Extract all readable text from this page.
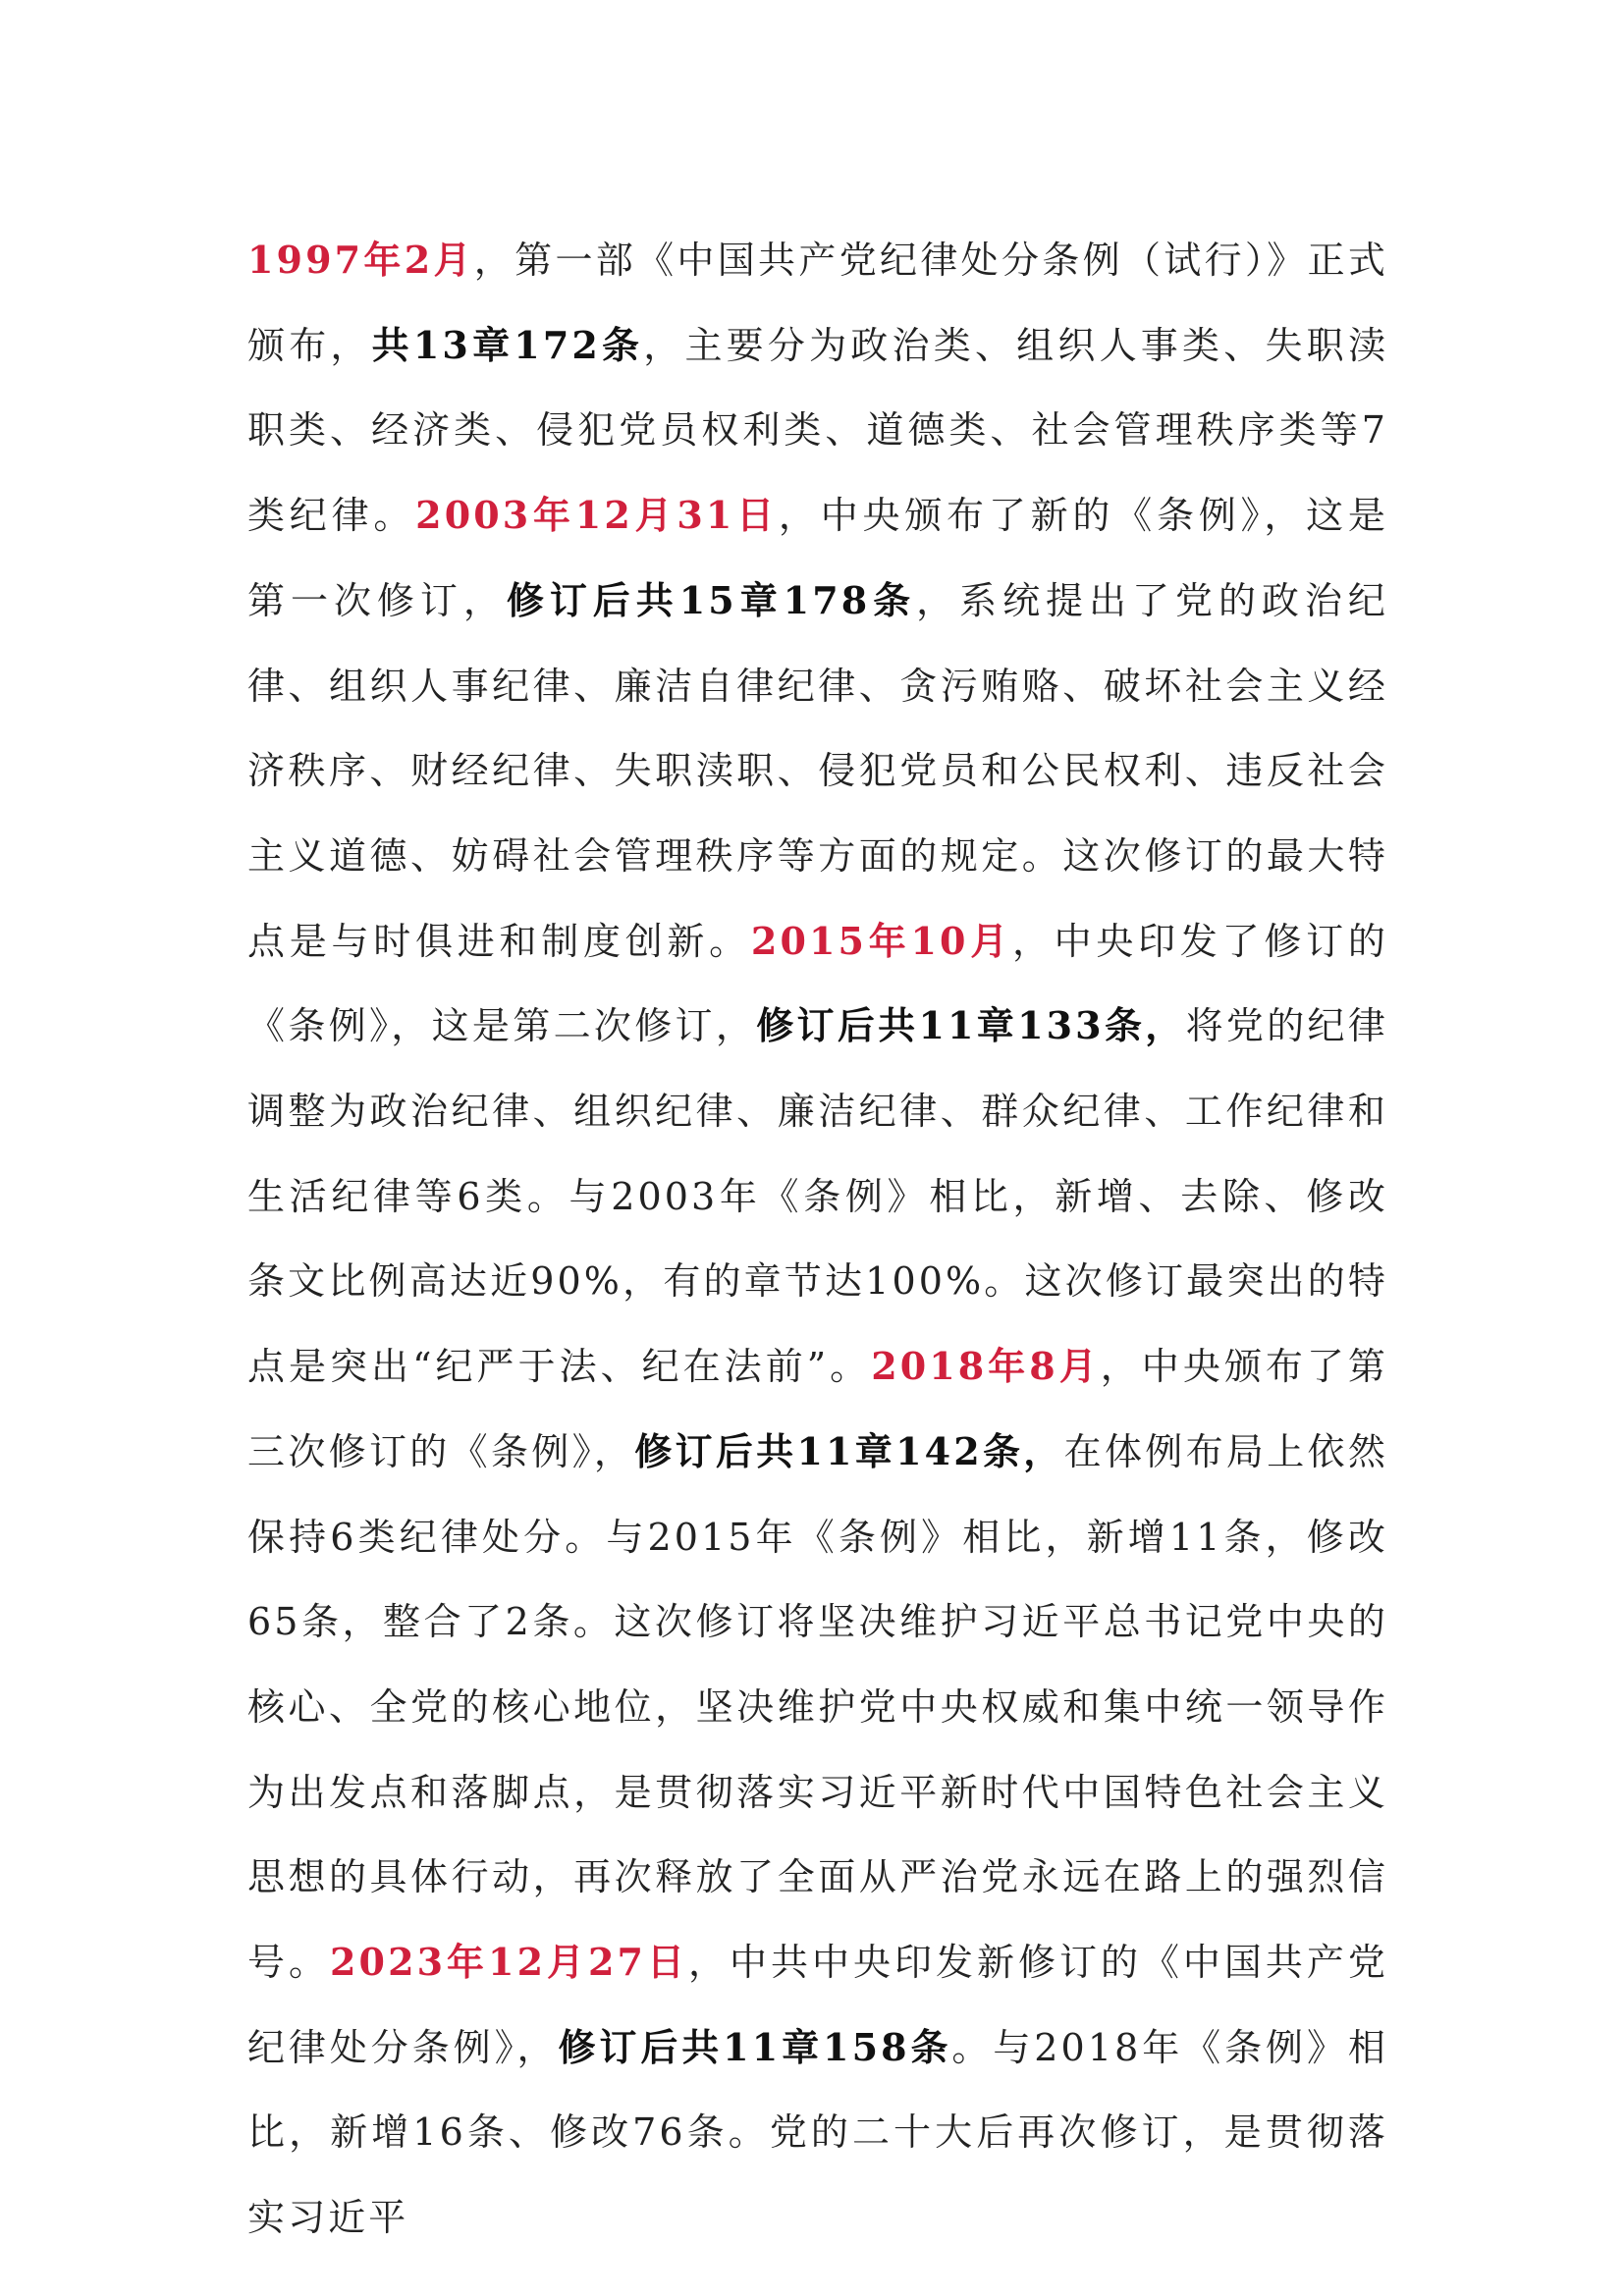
1997年2月，第一部《中国共产党纪律处分条例（试行）》正式颁布，共13章172条，主要分为政治类、组织人事类、失职渎职类、经济类、侵犯党员权利类、道德类、社会管理秩序类等7类纪律。2003年12月31日，中央颁布了新的《条例》，这是第一次修订，修订后共15章178条，系统提出了党的政治纪律、组织人事纪律、廉洁自律纪律、贪污贿赂、破坏社会主义经济秩序、财经纪律、失职渎职、侵犯党员和公民权利、违反社会主义道德、妨碍社会管理秩序等方面的规定。这次修订的最大特点是与时俱进和制度创新。2015年10月，中央印发了修订的《条例》，这是第二次修订，修订后共11章133条，将党的纪律调整为政治纪律、组织纪律、廉洁纪律、群众纪律、工作纪律和生活纪律等6类。与2003年《条例》相比，新增、去除、修改条文比例高达近90%，有的章节达100%。这次修订最突出的特点是突出“纪严于法、纪在法前”。2018年8月，中央颁布了第三次修订的《条例》，修订后共11章142条，在体例布局上依然保持6类纪律处分。与2015年《条例》相比，新增11条，修改65条，整合了2条。这次修订将坚决维护习近平总书记党中央的核心、全党的核心地位，坚决维护党中央权威和集中统一领导作为出发点和落脚点，是贯彻落实习近平新时代中国特色社会主义思想的具体行动，再次释放了全面从严治党永远在路上的强烈信号。2023年12月27日，中共中央印发新修订的《中国共产党纪律处分条例》，修订后共11章158条。与2018年《条例》相比，新增16条、修改76条。党的二十大后再次修订，是贯彻落实习近平
